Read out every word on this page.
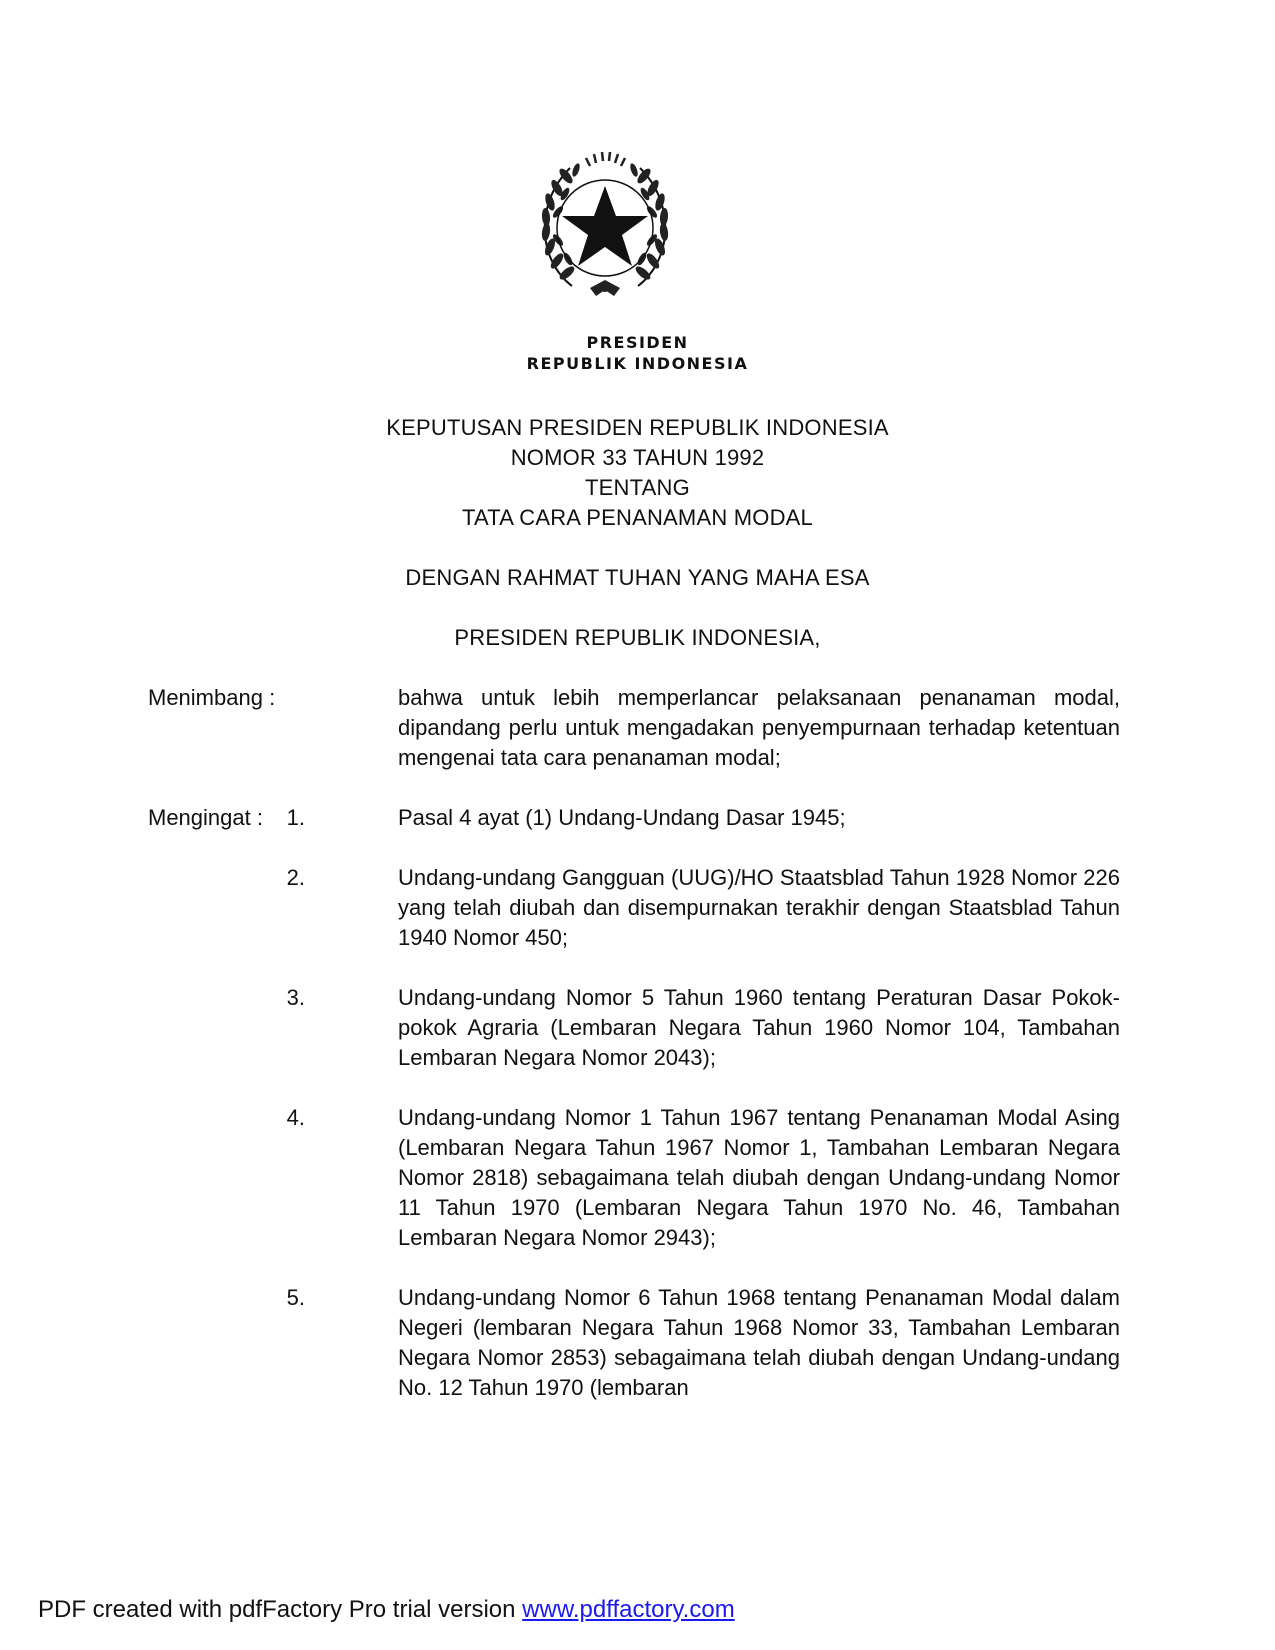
PRESIDEN
REPUBLIK INDONESIA
KEPUTUSAN PRESIDEN REPUBLIK INDONESIA
NOMOR 33 TAHUN 1992
TENTANG
TATA CARA PENANAMAN MODAL
DENGAN RAHMAT TUHAN YANG MAHA ESA
PRESIDEN REPUBLIK INDONESIA,
Menimbang :	bahwa untuk lebih memperlancar pelaksanaan penanaman modal, dipandang perlu untuk mengadakan penyempurnaan terhadap ketentuan mengenai tata cara penanaman modal;

Mengingat :	1.	Pasal 4 ayat (1) Undang-Undang Dasar 1945;

2.	Undang-undang Gangguan (UUG)/HO Staatsblad Tahun 1928 Nomor 226 yang telah diubah dan disempurnakan terakhir dengan Staatsblad Tahun 1940 Nomor 450;

3.	Undang-undang Nomor 5 Tahun 1960 tentang Peraturan Dasar Pokok-pokok Agraria (Lembaran Negara Tahun 1960 Nomor 104, Tambahan Lembaran Negara Nomor 2043);

4.	Undang-undang Nomor 1 Tahun 1967 tentang Penanaman Modal Asing (Lembaran Negara Tahun 1967 Nomor 1, Tambahan Lembaran Negara Nomor 2818) sebagaimana telah diubah dengan Undang-undang Nomor 11 Tahun 1970 (Lembaran Negara Tahun 1970 No. 46, Tambahan Lembaran Negara Nomor 2943);

5.	Undang-undang Nomor 6 Tahun 1968 tentang Penanaman Modal dalam Negeri (lembaran Negara Tahun 1968 Nomor 33, Tambahan Lembaran Negara Nomor 2853) sebagaimana telah diubah dengan Undang-undang No. 12 Tahun 1970 (lembaran

PDF created with pdfFactory Pro trial version www.pdffactory.com
